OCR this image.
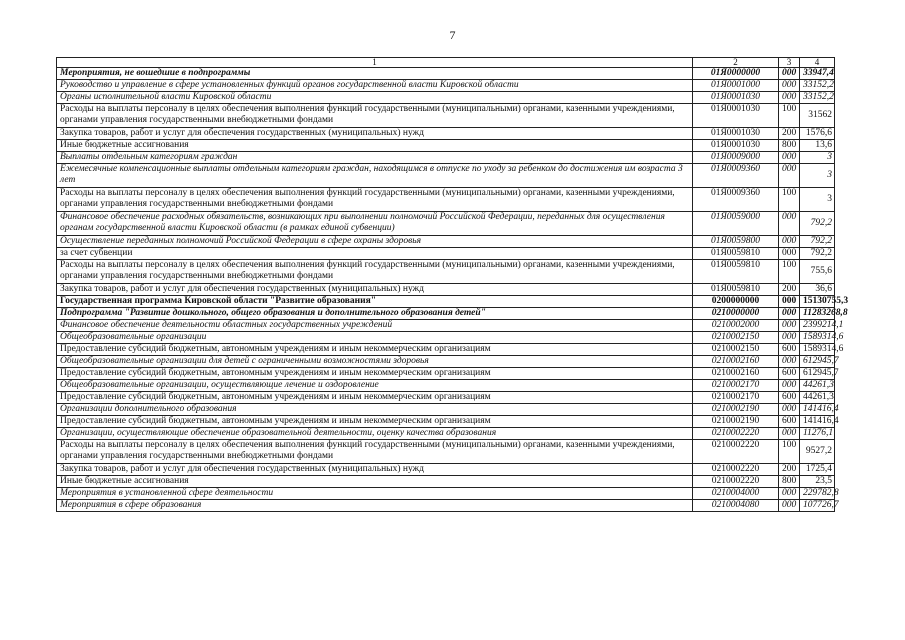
7
1	2	3	4
Мероприятия, не вошедшие в подпрограммы	01Я0000000	000	33947,4
Руководство и управление в сфере установленных функций органов государственной власти Кировской области	01Я0001000	000	33152,2
Органы исполнительной власти Кировской области	01Я0001030	000	33152,2
Расходы на выплаты персоналу в целях обеспечения выполнения функций государственными (муниципальными) органами, казенными учреждениями, органами управления государственными внебюджетными фондами	01Я0001030	100	31562
Закупка товаров, работ и услуг для обеспечения государственных (муниципальных) нужд	01Я0001030	200	1576,6
Иные бюджетные ассигнования	01Я0001030	800	13,6
Выплаты отдельным категориям граждан	01Я0009000	000	3
Ежемесячные компенсационные выплаты отдельным категориям граждан, находящимся в отпуске по уходу за ребенком до достижения им возраста 3 лет	01Я0009360	000	3
Расходы на выплаты персоналу в целях обеспечения выполнения функций государственными (муниципальными) органами, казенными учреждениями, органами управления государственными внебюджетными фондами	01Я0009360	100	3
Финансовое обеспечение расходных обязательств, возникающих при выполнении полномочий Российской Федерации, переданных для осуществления органам государственной власти Кировской области (в рамках единой субвенции)	01Я0059000	000	792,2
Осуществление переданных полномочий Российской Федерации в сфере охраны здоровья	01Я0059800	000	792,2
за счет субвенции	01Я0059810	000	792,2
Расходы на выплаты персоналу в целях обеспечения выполнения функций государственными (муниципальными) органами, казенными учреждениями, органами управления государственными внебюджетными фондами	01Я0059810	100	755,6
Закупка товаров, работ и услуг для обеспечения государственных (муниципальных) нужд	01Я0059810	200	36,6
Государственная программа Кировской области "Развитие образования"	0200000000	000	15130755,3
Подпрограмма "Развитие дошкольного, общего образования и дополнительного образования детей"	0210000000	000	11283268,8
Финансовое обеспечение деятельности областных государственных учреждений	0210002000	000	2399214,1
Общеобразовательные организации	0210002150	000	1589314,6
Предоставление субсидий бюджетным, автономным учреждениям и иным некоммерческим организациям	0210002150	600	1589314,6
Общеобразовательные организации для детей с ограниченными возможностями здоровья	0210002160	000	612945,7
Предоставление субсидий бюджетным, автономным учреждениям и иным некоммерческим организациям	0210002160	600	612945,7
Общеобразовательные организации, осуществляющие лечение и оздоровление	0210002170	000	44261,3
Предоставление субсидий бюджетным, автономным учреждениям и иным некоммерческим организациям	0210002170	600	44261,3
Организации дополнительного образования	0210002190	000	141416,4
Предоставление субсидий бюджетным, автономным учреждениям и иным некоммерческим организациям	0210002190	600	141416,4
Организации, осуществляющие обеспечение образовательной деятельности, оценку качества образования	0210002220	000	11276,1
Расходы на выплаты персоналу в целях обеспечения выполнения функций государственными (муниципальными) органами, казенными учреждениями, органами управления государственными внебюджетными фондами	0210002220	100	9527,2
Закупка товаров, работ и услуг для обеспечения государственных (муниципальных) нужд	0210002220	200	1725,4
Иные бюджетные ассигнования	0210002220	800	23,5
Мероприятия в установленной сфере деятельности	0210004000	000	229782,8
Мероприятия в сфере образования	0210004080	000	107726,7
